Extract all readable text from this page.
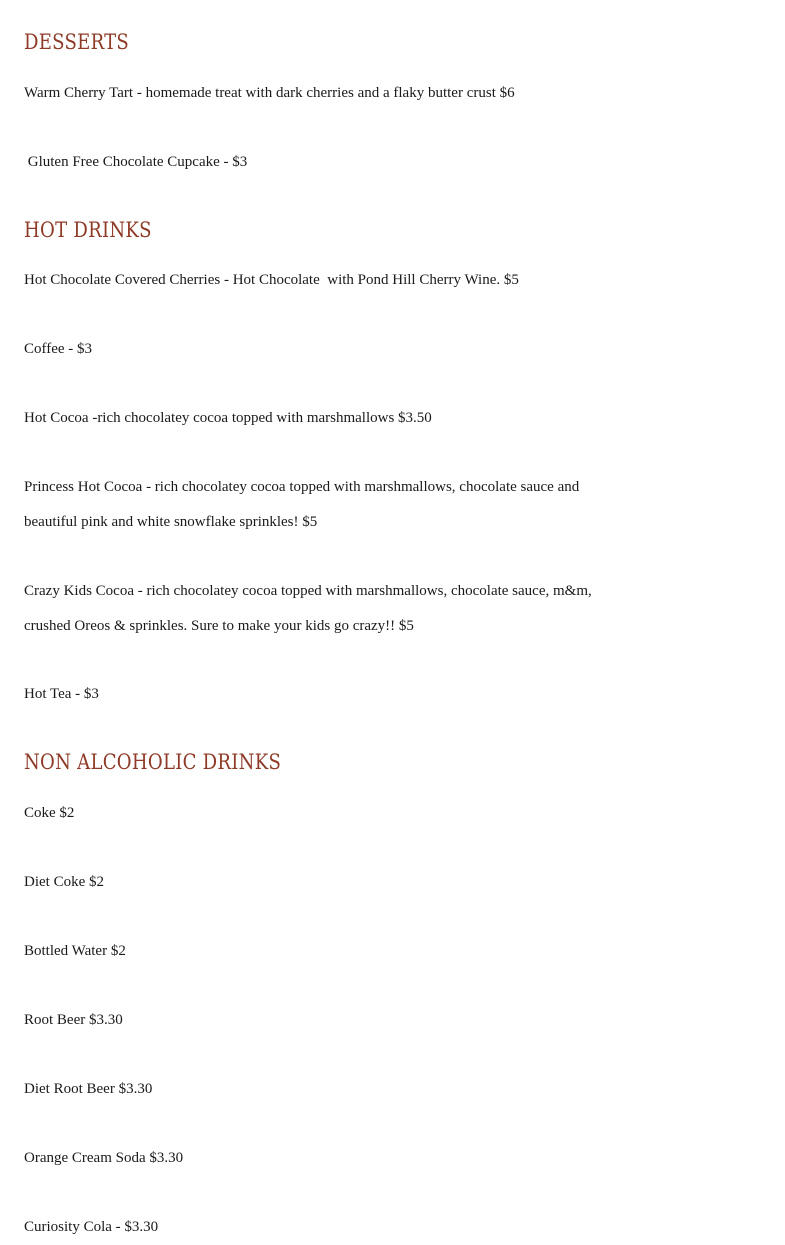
DESSERTS

Warm Cherry Tart - homemade treat with dark cherries and a flaky butter crust $6

Gluten Free Chocolate Cupcake - $3

HOT DRINKS

Hot Chocolate Covered Cherries - Hot Chocolate  with Pond Hill Cherry Wine. $5

Coffee - $3

Hot Cocoa -rich chocolatey cocoa topped with marshmallows $3.50

Princess Hot Cocoa - rich chocolatey cocoa topped with marshmallows, chocolate sauce and

beautiful pink and white snowflake sprinkles! $5

Crazy Kids Cocoa - rich chocolatey cocoa topped with marshmallows, chocolate sauce, m&m,

crushed Oreos & sprinkles. Sure to make your kids go crazy!! $5

Hot Tea - $3

NON ALCOHOLIC DRINKS

Coke $2

Diet Coke $2

Bottled Water $2

Root Beer $3.30

Diet Root Beer $3.30

Orange Cream Soda $3.30

Curiosity Cola - $3.30
